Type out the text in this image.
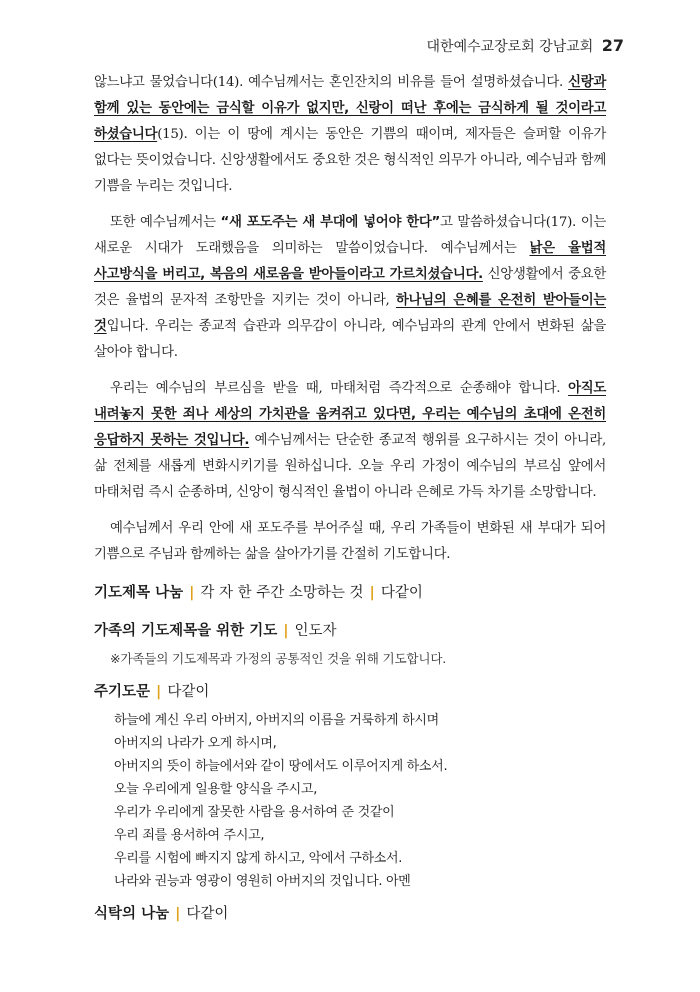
대한예수교장로회 강남교회 27

않느냐고 물었습니다(14). 예수님께서는 혼인잔치의 비유를 들어 설명하셨습니다. 신랑과 함께 있는 동안에는 금식할 이유가 없지만, 신랑이 떠난 후에는 금식하게 될 것이라고 하셨습니다(15). 이는 이 땅에 계시는 동안은 기쁨의 때이며, 제자들은 슬퍼할 이유가 없다는 뜻이었습니다. 신앙생활에서도 중요한 것은 형식적인 의무가 아니라, 예수님과 함께 기쁨을 누리는 것입니다.

또한 예수님께서는 “새 포도주는 새 부대에 넣어야 한다”고 말씀하셨습니다(17). 이는 새로운 시대가 도래했음을 의미하는 말씀이었습니다. 예수님께서는 낡은 율법적 사고방식을 버리고, 복음의 새로움을 받아들이라고 가르치셨습니다. 신앙생활에서 중요한 것은 율법의 문자적 조항만을 지키는 것이 아니라, 하나님의 은혜를 온전히 받아들이는 것입니다. 우리는 종교적 습관과 의무감이 아니라, 예수님과의 관계 안에서 변화된 삶을 살아야 합니다.

우리는 예수님의 부르심을 받을 때, 마태처럼 즉각적으로 순종해야 합니다. 아직도 내려놓지 못한 죄나 세상의 가치관을 움켜쥐고 있다면, 우리는 예수님의 초대에 온전히 응답하지 못하는 것입니다. 예수님께서는 단순한 종교적 행위를 요구하시는 것이 아니라, 삶 전체를 새롭게 변화시키기를 원하십니다. 오늘 우리 가정이 예수님의 부르심 앞에서 마태처럼 즉시 순종하며, 신앙이 형식적인 율법이 아니라 은혜로 가득 차기를 소망합니다.

예수님께서 우리 안에 새 포도주를 부어주실 때, 우리 가족들이 변화된 새 부대가 되어 기쁨으로 주님과 함께하는 삶을 살아가기를 간절히 기도합니다.

기도제목 나눔 | 각 자 한 주간 소망하는 것 | 다같이
가족의 기도제목을 위한 기도 | 인도자
※가족들의 기도제목과 가정의 공통적인 것을 위해 기도합니다.
주기도문 | 다같이
하늘에 계신 우리 아버지, 아버지의 이름을 거룩하게 하시며
아버지의 나라가 오게 하시며,
아버지의 뜻이 하늘에서와 같이 땅에서도 이루어지게 하소서.
오늘 우리에게 일용할 양식을 주시고,
우리가 우리에게 잘못한 사람을 용서하여 준 것같이
우리 죄를 용서하여 주시고,
우리를 시험에 빠지지 않게 하시고, 악에서 구하소서.
나라와 권능과 영광이 영원히 아버지의 것입니다. 아멘
식탁의 나눔 | 다같이
